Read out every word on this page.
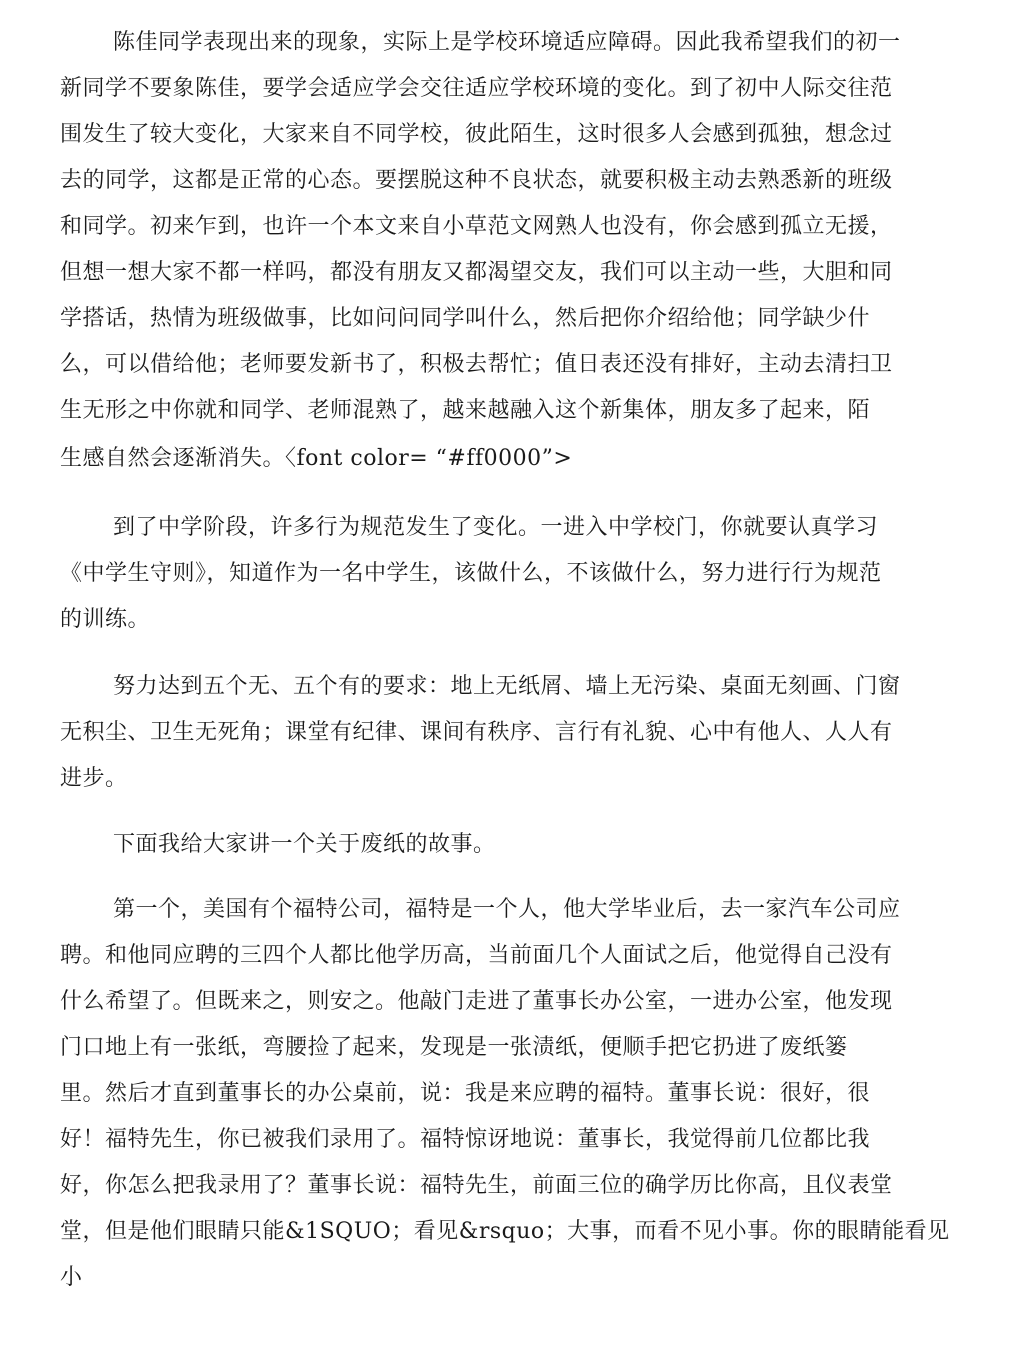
陈佳同学表现出来的现象，实际上是学校环境适应障碍。因此我希望我们的初一

新同学不要象陈佳，要学会适应学会交往适应学校环境的变化。到了初中人际交往范

围发生了较大变化，大家来自不同学校，彼此陌生，这时很多人会感到孤独，想念过

去的同学，这都是正常的心态。要摆脱这种不良状态，就要积极主动去熟悉新的班级

和同学。初来乍到，也许一个本文来自小草范文网熟人也没有，你会感到孤立无援，

但想一想大家不都一样吗，都没有朋友又都渴望交友，我们可以主动一些，大胆和同

学搭话，热情为班级做事，比如问问同学叫什么，然后把你介绍给他；同学缺少什

么，可以借给他；老师要发新书了，积极去帮忙；值日表还没有排好，主动去清扫卫

生无形之中你就和同学、老师混熟了，越来越融入这个新集体，朋友多了起来，陌

生感自然会逐渐消失。〈font color= “#ff0000”>

到了中学阶段，许多行为规范发生了变化。一进入中学校门，你就要认真学习

《中学生守则》，知道作为一名中学生，该做什么，不该做什么，努力进行行为规范

的训练。

努力达到五个无、五个有的要求：地上无纸屑、墙上无污染、桌面无刻画、门窗

无积尘、卫生无死角；课堂有纪律、课间有秩序、言行有礼貌、心中有他人、人人有

进步。

下面我给大家讲一个关于废纸的故事。

第一个，美国有个福特公司，福特是一个人，他大学毕业后，去一家汽车公司应

聘。和他同应聘的三四个人都比他学历高，当前面几个人面试之后，他觉得自己没有

什么希望了。但既来之，则安之。他敲门走进了董事长办公室，一进办公室，他发现

门口地上有一张纸，弯腰捡了起来，发现是一张渍纸，便顺手把它扔进了废纸篓

里。然后才直到董事长的办公桌前，说：我是来应聘的福特。董事长说：很好，很

好！福特先生，你已被我们录用了。福特惊讶地说：董事长，我觉得前几位都比我

好，你怎么把我录用了？董事长说：福特先生，前面三位的确学历比你高，且仪表堂

堂，但是他们眼睛只能&1SQUO；看见&rsquo；大事，而看不见小事。你的眼睛能看见

小
